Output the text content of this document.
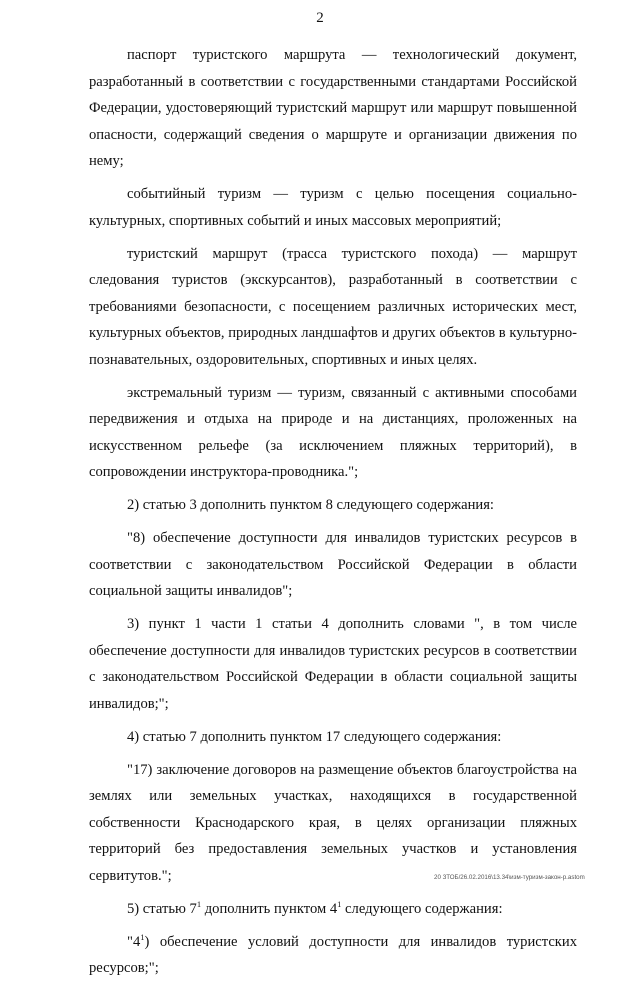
2

паспорт туристского маршрута — технологический документ, разработанный в соответствии с государственными стандартами Российской Федерации, удостоверяющий туристский маршрут или маршрут повышенной опасности, содержащий сведения о маршруте и организации движения по нему;

событийный туризм — туризм с целью посещения социально-культурных, спортивных событий и иных массовых мероприятий;

туристский маршрут (трасса туристского похода) — маршрут следования туристов (экскурсантов), разработанный в соответствии с требованиями безопасности, с посещением различных исторических мест, культурных объектов, природных ландшафтов и других объектов в культурно-познавательных, оздоровительных, спортивных и иных целях.

экстремальный туризм — туризм, связанный с активными способами передвижения и отдыха на природе и на дистанциях, проложенных на искусственном рельефе (за исключением пляжных территорий), в сопровождении инструктора-проводника.";

2) статью 3 дополнить пунктом 8 следующего содержания:

"8) обеспечение доступности для инвалидов туристских ресурсов в соответствии с законодательством Российской Федерации в области социальной защиты инвалидов";

3) пункт 1 части 1 статьи 4 дополнить словами ", в том числе обеспечение доступности для инвалидов туристских ресурсов в соответствии с законодательством Российской Федерации в области социальной защиты инвалидов;";

4) статью 7 дополнить пунктом 17 следующего содержания:

"17) заключение договоров на размещение объектов благоустройства на землях или земельных участках, находящихся в государственной собственности Краснодарского края, в целях организации пляжных территорий без предоставления земельных участков и установления сервитутов.";

5) статью $7^1$ дополнить пунктом $4^1$ следующего содержания:

"$4^1$) обеспечение условий доступности для инвалидов туристских ресурсов;";

20 ЗТОБ/26.02.2016\13.34\изм-туризм-закон-р.astom
